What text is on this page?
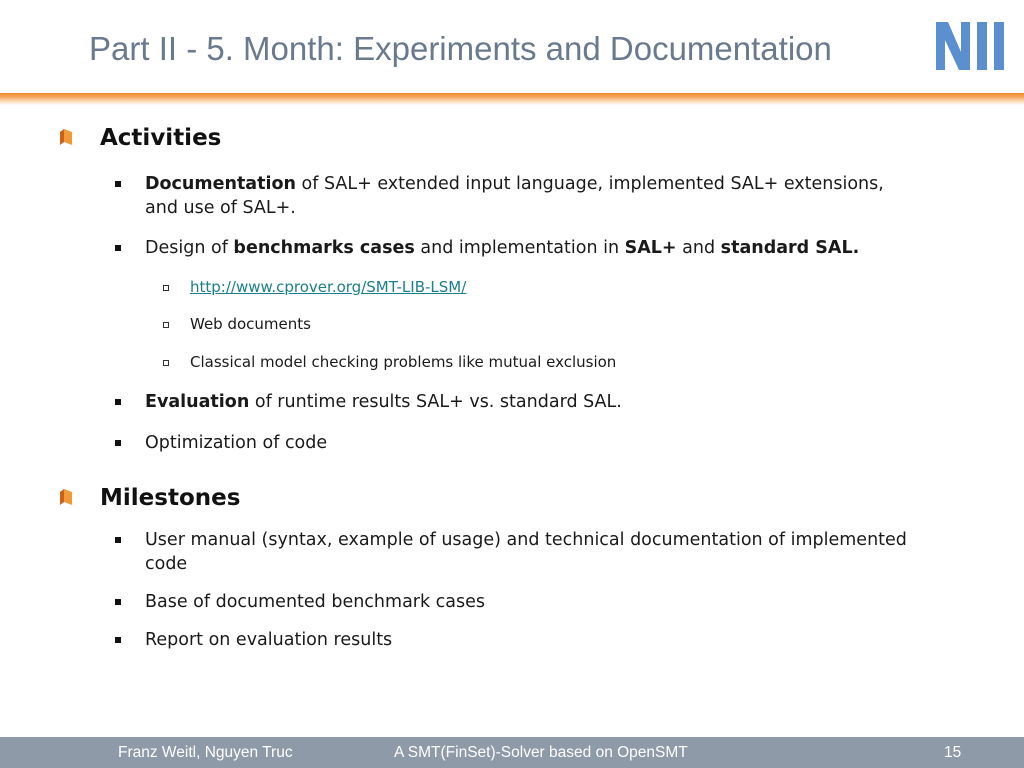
Part II - 5. Month: Experiments and Documentation
Activities
Documentation of SAL+ extended input language, implemented SAL+ extensions, and use of SAL+.
Design of benchmarks cases and implementation in SAL+ and standard SAL.
http://www.cprover.org/SMT-LIB-LSM/
Web documents
Classical model checking problems like mutual exclusion
Evaluation of runtime results SAL+ vs. standard SAL.
Optimization of code
Milestones
User manual (syntax, example of usage) and technical documentation of implemented code
Base of documented benchmark cases
Report on evaluation results
Franz Weitl, Nguyen Truc	A SMT(FinSet)-Solver based on OpenSMT	15
